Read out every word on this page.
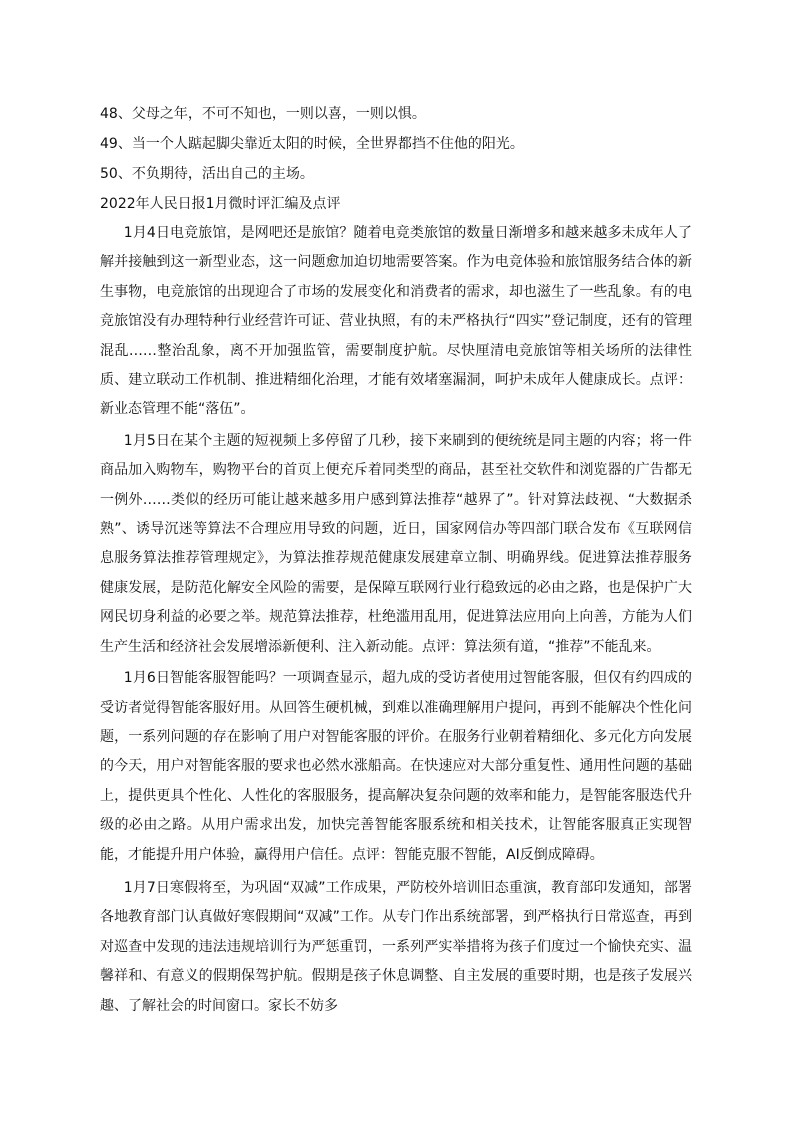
48、父母之年，不可不知也，一则以喜，一则以惧。

49、当一个人踮起脚尖靠近太阳的时候，全世界都挡不住他的阳光。

50、不负期待，活出自己的主场。

2022年人民日报1月微时评汇编及点评

1月4日电竞旅馆，是网吧还是旅馆？随着电竞类旅馆的数量日渐增多和越来越多未成年人了解并接触到这一新型业态，这一问题愈加迫切地需要答案。作为电竞体验和旅馆服务结合体的新生事物，电竞旅馆的出现迎合了市场的发展变化和消费者的需求，却也滋生了一些乱象。有的电竞旅馆没有办理特种行业经营许可证、营业执照，有的未严格执行“四实”登记制度，还有的管理混乱……整治乱象，离不开加强监管，需要制度护航。尽快厘清电竞旅馆等相关场所的法律性质、建立联动工作机制、推进精细化治理，才能有效堵塞漏洞，呵护未成年人健康成长。点评：新业态管理不能“落伍”。

1月5日在某个主题的短视频上多停留了几秒，接下来刷到的便统统是同主题的内容；将一件商品加入购物车，购物平台的首页上便充斥着同类型的商品，甚至社交软件和浏览器的广告都无一例外……类似的经历可能让越来越多用户感到算法推荐“越界了”。针对算法歧视、“大数据杀熟”、诱导沉迷等算法不合理应用导致的问题，近日，国家网信办等四部门联合发布《互联网信息服务算法推荐管理规定》，为算法推荐规范健康发展建章立制、明确界线。促进算法推荐服务健康发展，是防范化解安全风险的需要，是保障互联网行业行稳致远的必由之路，也是保护广大网民切身利益的必要之举。规范算法推荐，杜绝滥用乱用，促进算法应用向上向善，方能为人们生产生活和经济社会发展增添新便利、注入新动能。点评：算法须有道，“推荐”不能乱来。

1月6日智能客服智能吗？一项调查显示，超九成的受访者使用过智能客服，但仅有约四成的受访者觉得智能客服好用。从回答生硬机械，到难以准确理解用户提问，再到不能解决个性化问题，一系列问题的存在影响了用户对智能客服的评价。在服务行业朝着精细化、多元化方向发展的今天，用户对智能客服的要求也必然水涨船高。在快速应对大部分重复性、通用性问题的基础上，提供更具个性化、人性化的客服服务，提高解决复杂问题的效率和能力，是智能客服迭代升级的必由之路。从用户需求出发，加快完善智能客服系统和相关技术，让智能客服真正实现智能，才能提升用户体验，赢得用户信任。点评：智能克服不智能，AI反倒成障碍。

1月7日寒假将至，为巩固“双减”工作成果，严防校外培训旧态重演，教育部印发通知，部署各地教育部门认真做好寒假期间“双减”工作。从专门作出系统部署，到严格执行日常巡查，再到对巡查中发现的违法违规培训行为严惩重罚，一系列严实举措将为孩子们度过一个愉快充实、温馨祥和、有意义的假期保驾护航。假期是孩子休息调整、自主发展的重要时期，也是孩子发展兴趣、了解社会的时间窗口。家长不妨多
